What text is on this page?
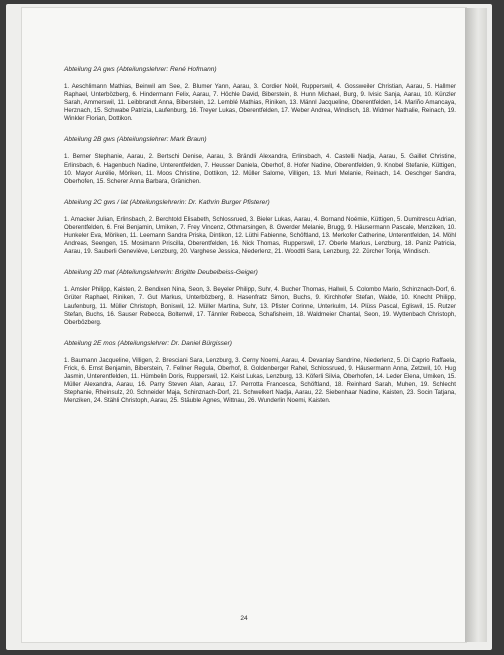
Abteilung 2A gws (Abteilungslehrer: René Hofmann)

1. Aeschlimann Mathias, Beinwil am See, 2. Blumer Yann, Aarau, 3. Cordier Noël, Rupperswil, 4. Gossweiler Christian, Aarau, 5. Hallmer Raphael, Unterbözberg, 6. Hindermann Felix, Aarau, 7. Höchle David, Biberstein, 8. Hunn Michael, Burg, 9. Ivisic Sanja, Aarau, 10. Künzler Sarah, Ammerswil, 11. Leibbrandt Anna, Biberstein, 12. Lemblé Mathias, Riniken, 13. Männl Jacqueline, Oberentfelden, 14. Mariño Amancaya, Herznach, 15. Schwabe Patrizia, Laufenburg, 16. Treyer Lukas, Oberentfelden, 17. Weber Andrea, Windisch, 18. Widmer Nathalie, Reinach, 19. Winkler Florian, Dottikon.

Abteilung 2B gws (Abteilungslehrer: Mark Braun)

1. Berner Stephanie, Aarau, 2. Bertschi Denise, Aarau, 3. Brändli Alexandra, Erlinsbach, 4. Castelli Nadja, Aarau, 5. Gaillet Christine, Erlinsbach, 6. Hagenbuch Nadine, Unterentfelden, 7. Heusser Daniela, Oberhof, 8. Hofer Nadine, Oberentfelden, 9. Knobel Stefanie, Küttigen, 10. Mayor Aurélie, Möriken, 11. Moos Christine, Dottikon, 12. Müller Salome, Villigen, 13. Muri Melanie, Reinach, 14. Oeschger Sandra, Oberhofen, 15. Scherer Anna Barbara, Gränichen.

Abteilung 2C gws / lat (Abteilungslehrerin: Dr. Kathrin Burger Pfisterer)

1. Amacker Julian, Erlinsbach, 2. Berchtold Elisabeth, Schlossrued, 3. Bieler Lukas, Aarau, 4. Bornand Noémie, Küttigen, 5. Dumitrescu Adrian, Oberentfelden, 6. Frei Benjamin, Umiken, 7. Frey Vincenz, Othmarsingen, 8. Gwerder Melanie, Brugg, 9. Häusermann Pascale, Menziken, 10. Hunkeler Eva, Möriken, 11. Leemann Sandra Priska, Dintikon, 12. Lüthi Fabienne, Schöftland, 13. Merkofer Catherine, Unterentfelden, 14. Möhl Andreas, Seengen, 15. Mosimann Priscilla, Oberentfelden, 16. Nick Thomas, Rupperswil, 17. Oberle Markus, Lenzburg, 18. Paniz Patricia, Aarau, 19. Sauberli Geneviève, Lenzburg, 20. Varghese Jessica, Niederlenz, 21. Woodtli Sara, Lenzburg, 22. Zürcher Tonja, Windisch.

Abteilung 2D mat (Abteilungslehrerin: Brigitte Deubelbeiss-Geiger)

1. Amsler Philipp, Kaisten, 2. Bendixen Nina, Seon, 3. Beyeler Philipp, Suhr, 4. Bucher Thomas, Hallwil, 5. Colombo Mario, Schinznach-Dorf, 6. Grüter Raphael, Riniken, 7. Gut Markus, Unterbözberg, 8. Hasenfratz Simon, Buchs, 9. Kirchhofer Stefan, Walde, 10. Knecht Philipp, Laufenburg, 11. Müller Christoph, Boniswil, 12. Müller Martina, Suhr, 13. Pfister Corinne, Unterkulm, 14. Plüss Pascal, Egliswil, 15. Rutzer Stefan, Buchs, 16. Sauser Rebecca, Boltenwil, 17. Tännler Rebecca, Schafisheim, 18. Waldmeier Chantal, Seon, 19. Wyttenbach Christoph, Oberbözberg.

Abteilung 2E mos (Abteilungslehrer: Dr. Daniel Bürgisser)

1. Baumann Jacqueline, Villigen, 2. Bresciani Sara, Lenzburg, 3. Cerny Noemi, Aarau, 4. Devanlay Sandrine, Niederlenz, 5. Di Caprio Raffaela, Frick, 6. Ernst Benjamin, Biberstein, 7. Fellner Regula, Oberhof, 8. Goldenberger Rahel, Schlossrued, 9. Häusermann Anna, Zetzwil, 10. Hug Jasmin, Unterentfelden, 11. Hümbelin Doris, Rupperswil, 12. Keist Lukas, Lenzburg, 13. Köferli Silvia, Oberhofen, 14. Leder Elena, Umiken, 15. Müller Alexandra, Aarau, 16. Parry Steven Alan, Aarau, 17. Perrotta Francesca, Schöftland, 18. Reinhard Sarah, Muhen, 19. Schlecht Stephanie, Rheinsulz, 20. Schneider Maja, Schinznach-Dorf, 21. Schwelkert Nadja, Aarau, 22. Siebenhaar Nadine, Kaisten, 23. Socin Tatjana, Menziken, 24. Stähli Christoph, Aarau, 25. Stäuble Agnes, Wittnau, 26. Wunderlin Noemi, Kaisten.

24
